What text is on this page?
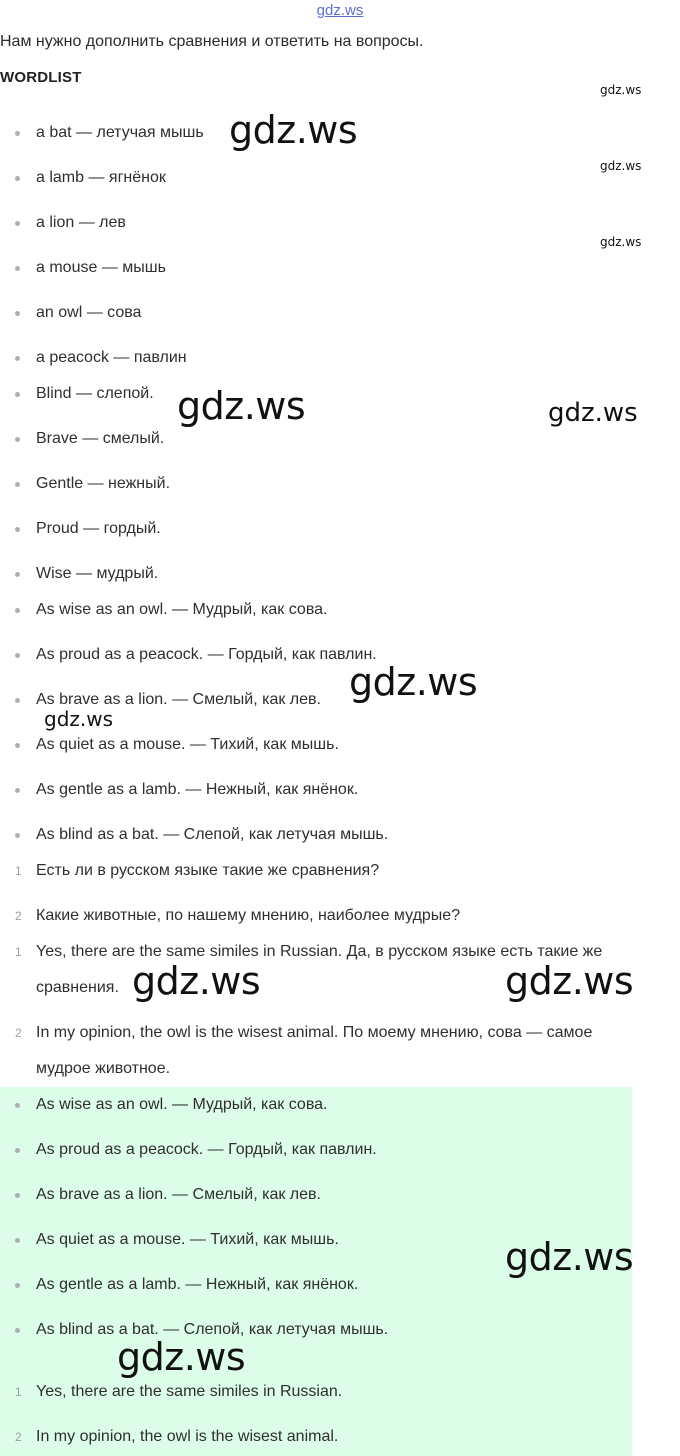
gdz.ws
Нам нужно дополнить сравнения и ответить на вопросы.
WORDLIST
a bat — летучая мышь
a lamb — ягнёнок
a lion — лев
a mouse — мышь
an owl — сова
a peacock — павлин
Blind — слепой.
Brave — смелый.
Gentle — нежный.
Proud — гордый.
Wise — мудрый.
As wise as an owl. — Мудрый, как сова.
As proud as a peacock. — Гордый, как павлин.
As brave as a lion. — Смелый, как лев.
As quiet as a mouse. — Тихий, как мышь.
As gentle as a lamb. — Нежный, как янёнок.
As blind as a bat. — Слепой, как летучая мышь.
1 Есть ли в русском языке такие же сравнения?
2 Какие животные, по нашему мнению, наиболее мудрые?
1 Yes, there are the same similes in Russian. Да, в русском языке есть такие же
сравнения.
2 In my opinion, the owl is the wisest animal. По моему мнению, сова — самое
мудрое животное.
As wise as an owl. — Мудрый, как сова.
As proud as a peacock. — Гордый, как павлин.
As brave as a lion. — Смелый, как лев.
As quiet as a mouse. — Тихий, как мышь.
As gentle as a lamb. — Нежный, как янёнок.
As blind as a bat. — Слепой, как летучая мышь.
1 Yes, there are the same similes in Russian.
2 In my opinion, the owl is the wisest animal.
gdz.ws
gdz.ws
gdz.ws
gdz.ws
gdz.ws	gdz.ws
gdz.ws
gdz.ws
gdz.ws	gdz.ws
gdz.ws
gdz.ws
